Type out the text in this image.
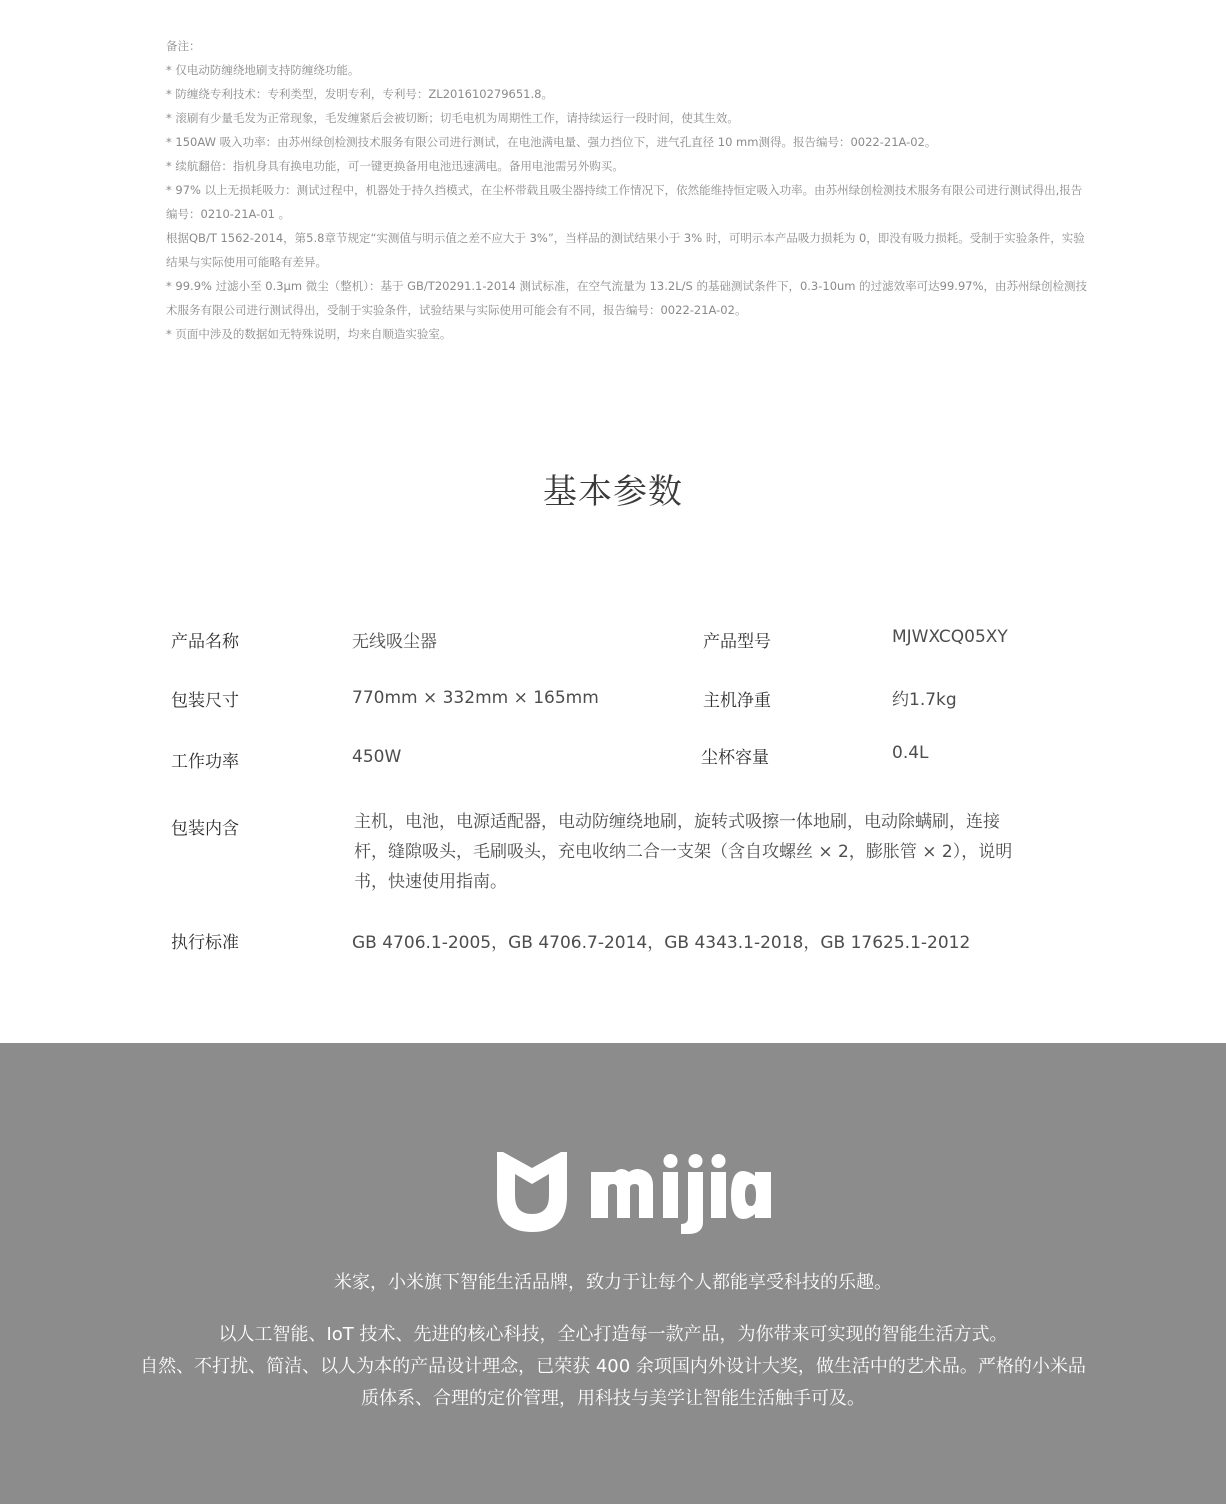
备注：

* 仅电动防缠绕地刷支持防缠绕功能。

* 防缠绕专利技术：专利类型，发明专利，专利号：ZL201610279651.8。

* 滚刷有少量毛发为正常现象，毛发缠紧后会被切断；切毛电机为周期性工作，请持续运行一段时间，使其生效。

* 150AW 吸入功率：由苏州绿创检测技术服务有限公司进行测试，在电池满电量、强力挡位下，进气孔直径 10 mm测得。报告编号：0022-21A-02。

* 续航翻倍：指机身具有换电功能，可一键更换备用电池迅速满电。备用电池需另外购买。

* 97% 以上无损耗吸力：测试过程中，机器处于持久挡模式，在尘杯带载且吸尘器持续工作情况下，依然能维持恒定吸入功率。由苏州绿创检测技术服务有限公司进行测试得出,报告编号：0210-21A-01 。

根据QB/T 1562-2014，第5.8章节规定“实测值与明示值之差不应大于 3%”，当样品的测试结果小于 3% 时，可明示本产品吸力损耗为 0，即没有吸力损耗。受制于实验条件，实验结果与实际使用可能略有差异。

* 99.9% 过滤小至 0.3μm 微尘（整机）：基于 GB/T20291.1-2014 测试标准，在空气流量为 13.2L/S 的基础测试条件下，0.3-10um 的过滤效率可达99.97%，由苏州绿创检测技术服务有限公司进行测试得出，受制于实验条件，试验结果与实际使用可能会有不同，报告编号：0022-21A-02。

* 页面中涉及的数据如无特殊说明，均来自顺造实验室。

基本参数
产品名称	无线吸尘器	产品型号	MJWXCQ05XY
包装尺寸	770mm × 332mm × 165mm	主机净重	约1.7kg
工作功率	450W	尘杯容量	0.4L
包装内含	主机，电池，电源适配器，电动防缠绕地刷，旋转式吸擦一体地刷，电动除螨刷，连接杆，缝隙吸头，毛刷吸头，充电收纳二合一支架（含自攻螺丝 × 2，膨胀管 × 2），说明书，快速使用指南。
执行标准	GB 4706.1-2005，GB 4706.7-2014，GB 4343.1-2018，GB 17625.1-2012
米家，小米旗下智能生活品牌，致力于让每个人都能享受科技的乐趣。

以人工智能、IoT 技术、先进的核心科技，全心打造每一款产品，为你带来可实现的智能生活方式。

自然、不打扰、简洁、以人为本的产品设计理念，已荣获 400 余项国内外设计大奖，做生活中的艺术品。严格的小米品质体系、合理的定价管理，用科技与美学让智能生活触手可及。
